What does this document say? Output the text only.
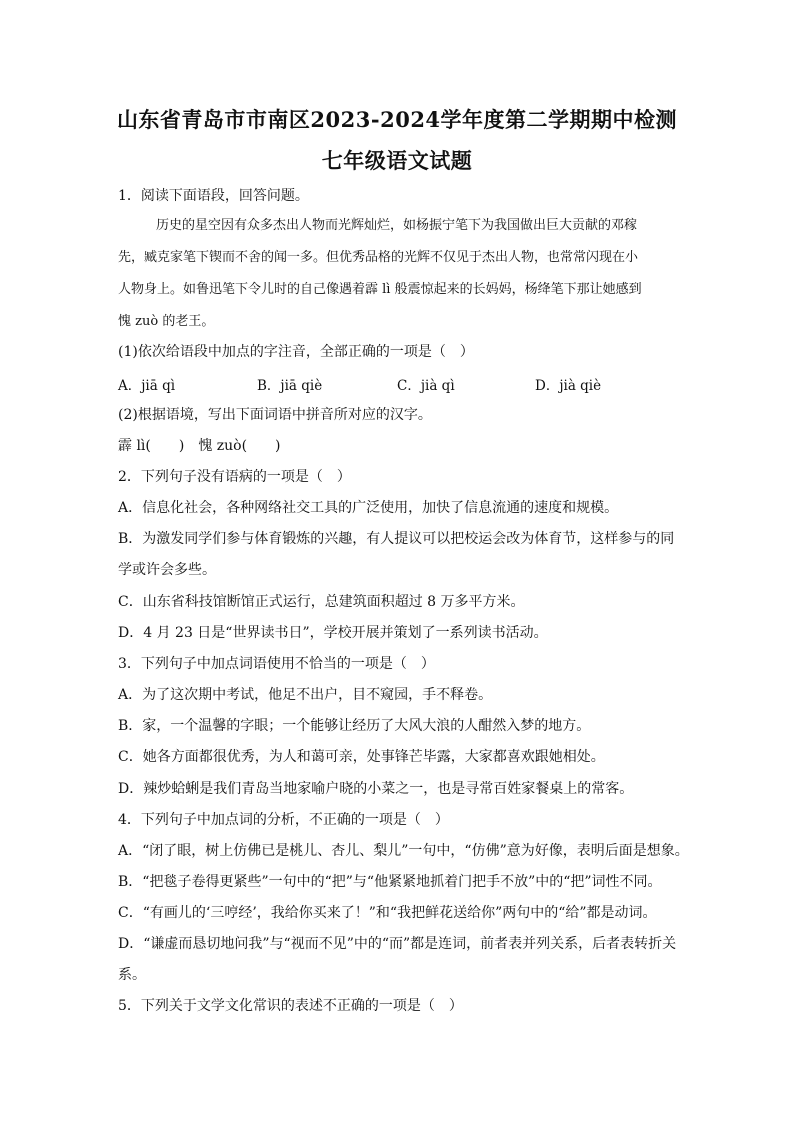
山东省青岛市市南区2023-2024学年度第二学期期中检测
七年级语文试题
1．阅读下面语段，回答问题。
历史的星空因有众多杰出人物而光辉灿烂，如杨振宁笔下为我国做出巨大贡献的邓稼
先，臧克家笔下锲而不舍的闻一多。但优秀品格的光辉不仅见于杰出人物，也常常闪现在小
人物身上。如鲁迅笔下令儿时的自己像遇着霹 lì 般震惊起来的长妈妈，杨绛笔下那让她感到
愧 zuò 的老王。
(1)依次给语段中加点的字注音，全部正确的一项是（　）
A．jiā qì	B．jiā qiè	C．jià qì	D．jià qiè
(2)根据语境，写出下面词语中拼音所对应的汉字。
霹 lì(　　)　愧 zuò(　　)
2．下列句子没有语病的一项是（　）
A．信息化社会，各种网络社交工具的广泛使用，加快了信息流通的速度和规模。
B．为激发同学们参与体育锻炼的兴趣，有人提议可以把校运会改为体育节，这样参与的同
学或许会多些。
C．山东省科技馆断馆正式运行，总建筑面积超过 8 万多平方米。
D．4 月 23 日是“世界读书日”，学校开展并策划了一系列读书活动。
3．下列句子中加点词语使用不恰当的一项是（　）
A．为了这次期中考试，他足不出户，目不窥园，手不释卷。
B．家，一个温馨的字眼；一个能够让经历了大风大浪的人酣然入梦的地方。
C．她各方面都很优秀，为人和蔼可亲，处事锋芒毕露，大家都喜欢跟她相处。
D．辣炒蛤蜊是我们青岛当地家喻户晓的小菜之一，也是寻常百姓家餐桌上的常客。
4．下列句子中加点词的分析，不正确的一项是（　）
A．“闭了眼，树上仿佛已是桃儿、杏儿、梨儿”一句中，“仿佛”意为好像，表明后面是想象。
B．“把毯子卷得更紧些”一句中的“把”与“他紧紧地抓着门把手不放”中的“把”词性不同。
C．“有画儿的‘三哼经’，我给你买来了！”和“我把鲜花送给你”两句中的“给”都是动词。
D．“谦虚而恳切地问我”与“视而不见”中的“而”都是连词，前者表并列关系，后者表转折关
系。
5．下列关于文学文化常识的表述不正确的一项是（　）
